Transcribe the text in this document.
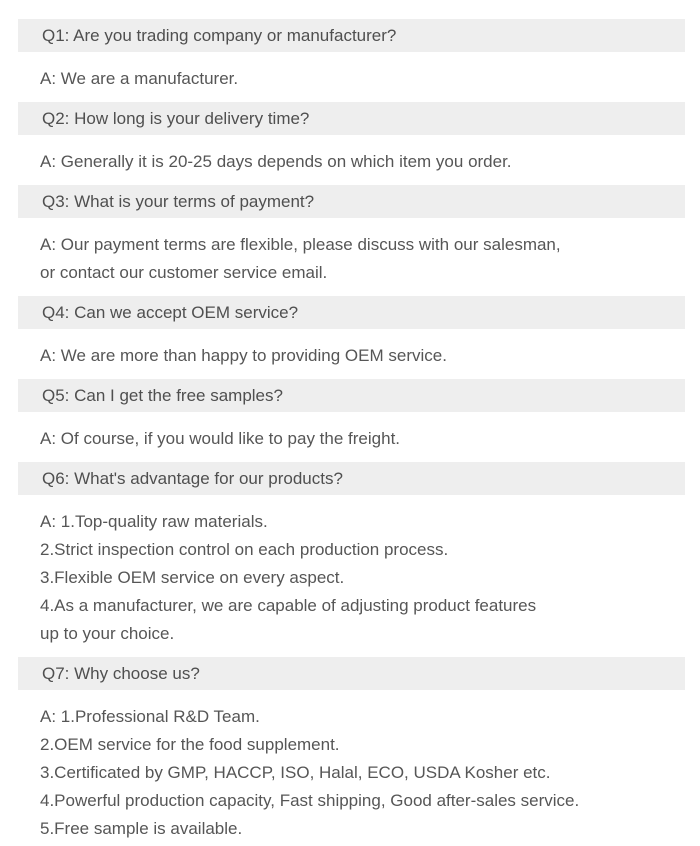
Q1: Are you trading company or manufacturer?

A: We are a manufacturer.

Q2: How long is your delivery time?

A: Generally it is 20-25 days depends on which item you order.

Q3: What is your terms of payment?

A: Our payment terms are flexible, please discuss with our salesman,

or contact our customer service email.

Q4: Can we accept OEM service?

A: We are more than happy to providing OEM service.

Q5: Can I get the free samples?

A: Of course, if you would like to pay the freight.

Q6: What's advantage for our products?

A: 1.Top-quality raw materials.

2.Strict inspection control on each production process.

3.Flexible OEM service on every aspect.

4.As a manufacturer, we are capable of adjusting product features

up to your choice.

Q7: Why choose us?

A: 1.Professional R&D Team.

2.OEM service for the food supplement.

3.Certificated by GMP, HACCP, ISO, Halal, ECO, USDA Kosher etc.

4.Powerful production capacity, Fast shipping, Good after-sales service.

5.Free sample is available.
